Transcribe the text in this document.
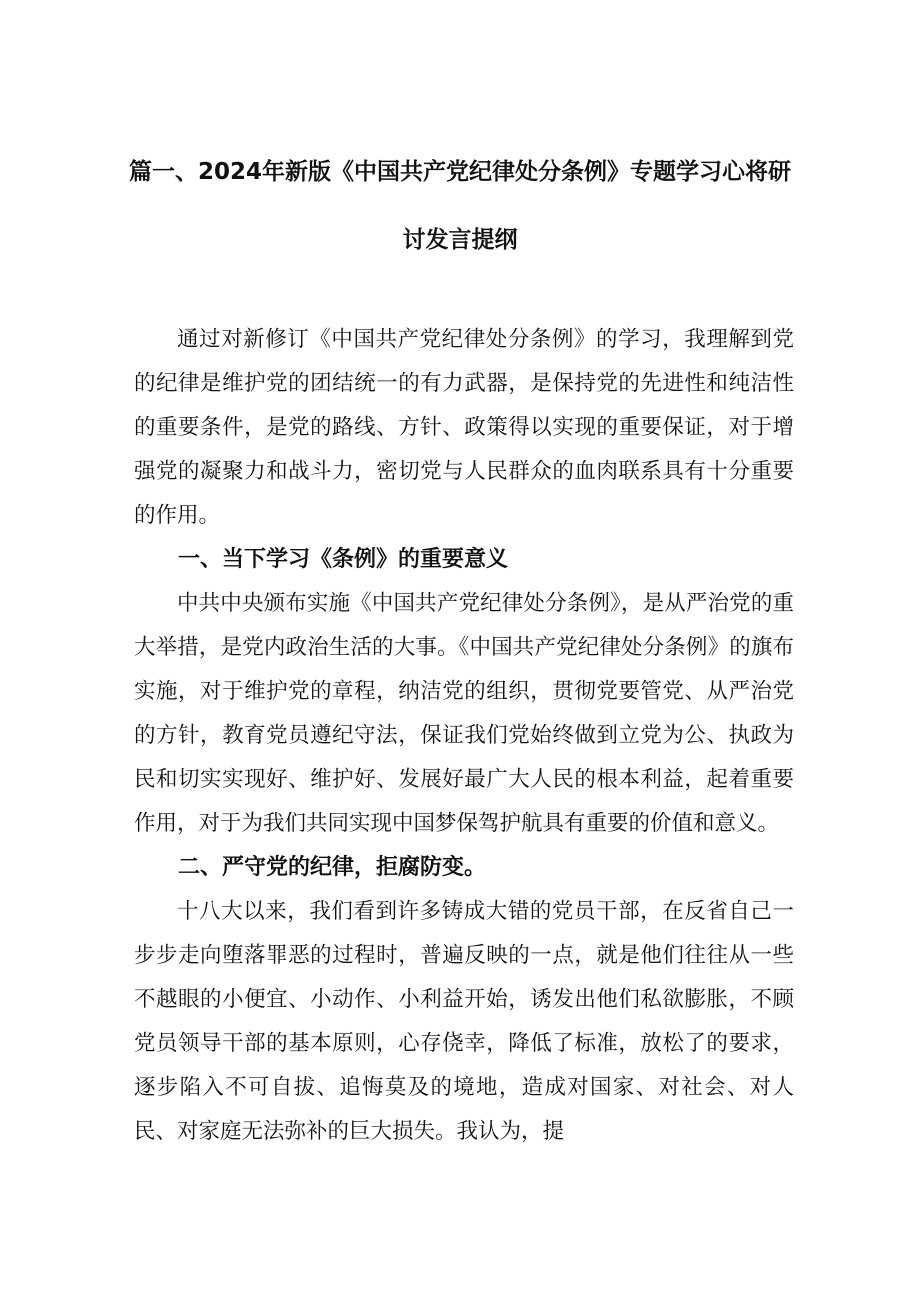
篇一、2024年新版《中国共产党纪律处分条例》专题学习心将研
讨发言提纲

通过对新修订《中国共产党纪律处分条例》的学习，我理解到党的纪律是维护党的团结统一的有力武器，是保持党的先进性和纯洁性的重要条件，是党的路线、方针、政策得以实现的重要保证，对于增强党的凝聚力和战斗力，密切党与人民群众的血肉联系具有十分重要的作用。

一、当下学习《条例》的重要意义

中共中央颁布实施《中国共产党纪律处分条例》，是从严治党的重大举措，是党内政治生活的大事。《中国共产党纪律处分条例》的旗布实施，对于维护党的章程，纳洁党的组织，贯彻党要管党、从严治党的方针，教育党员遵纪守法，保证我们党始终做到立党为公、执政为民和切实实现好、维护好、发展好最广大人民的根本利益，起着重要作用，对于为我们共同实现中国梦保驾护航具有重要的价值和意义。

二、严守党的纪律，拒腐防变。

十八大以来，我们看到许多铸成大错的党员干部，在反省自己一步步走向堕落罪恶的过程时，普遍反映的一点，就是他们往往从一些不越眼的小便宜、小动作、小利益开始，诱发出他们私欲膨胀，不顾党员领导干部的基本原则，心存侥幸，降低了标准，放松了的要求，逐步陷入不可自拔、追悔莫及的境地，造成对国家、对社会、对人民、对家庭无法弥补的巨大损失。我认为，提
